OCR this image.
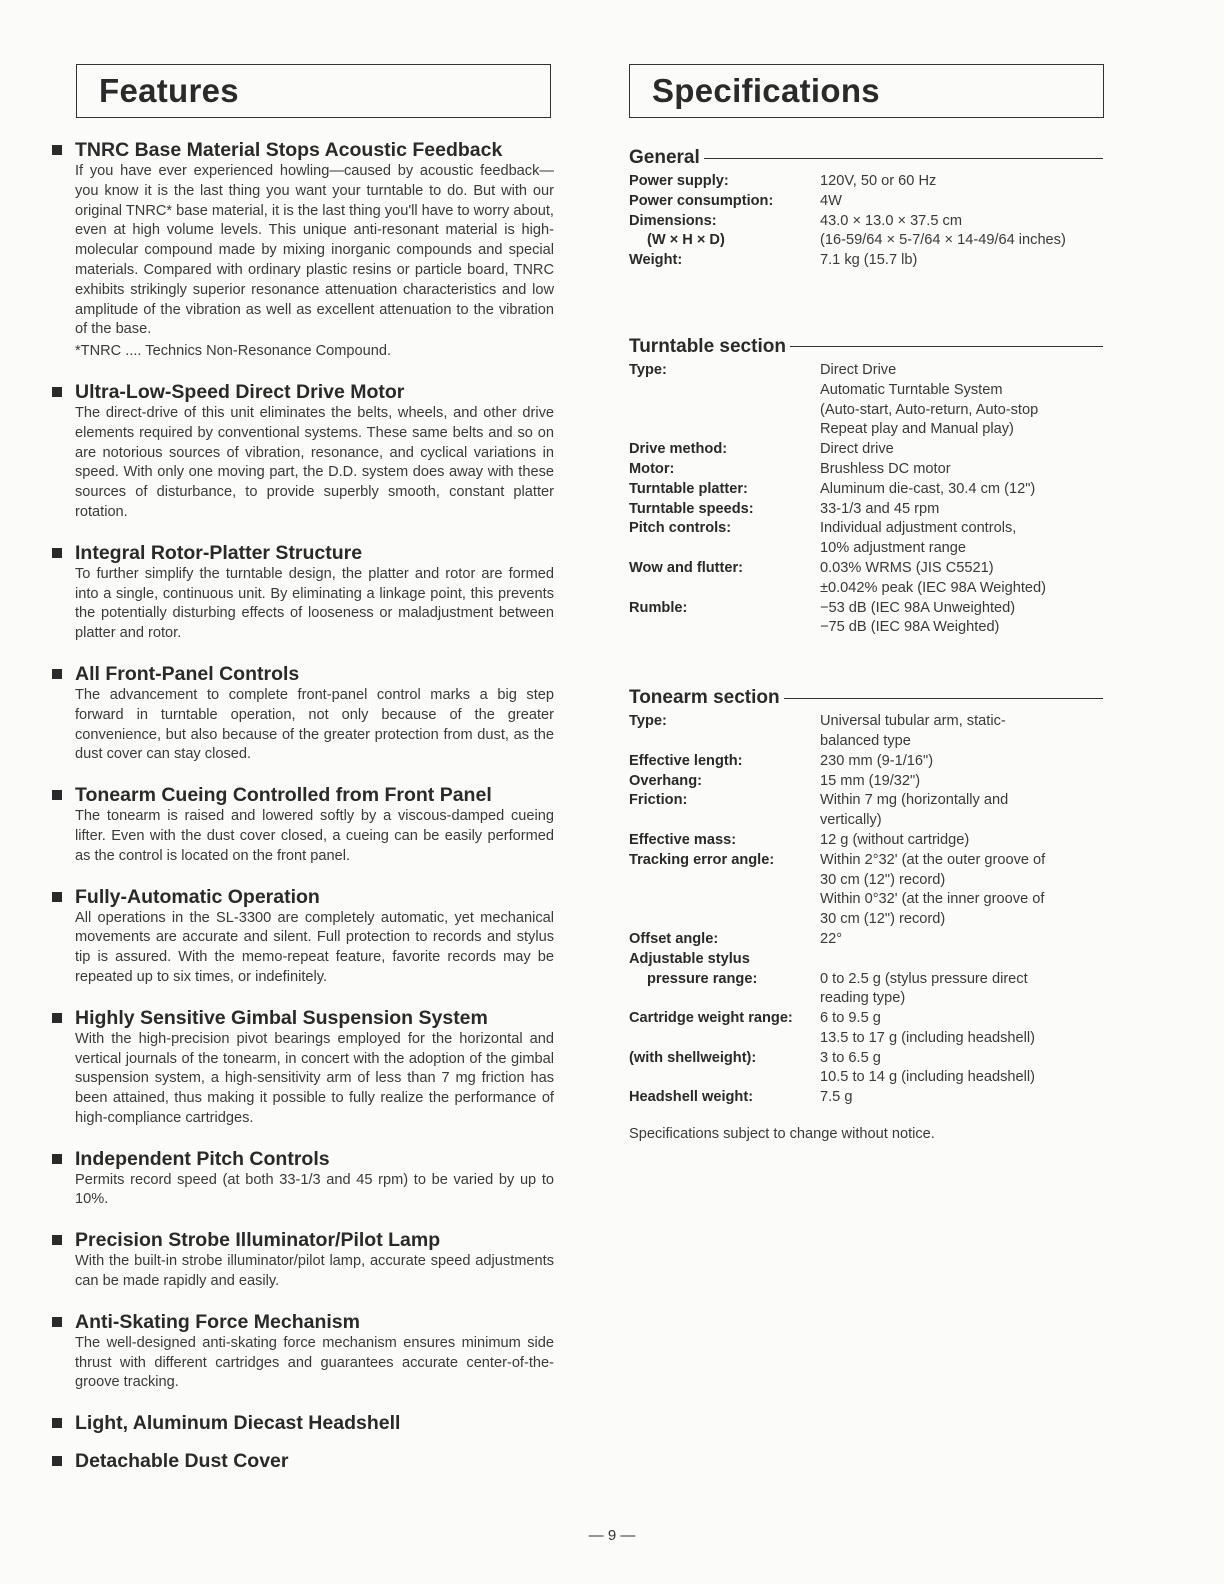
Features
TNRC Base Material Stops Acoustic Feedback

If you have ever experienced howling—caused by acoustic feedback—you know it is the last thing you want your turntable to do. But with our original TNRC* base material, it is the last thing you'll have to worry about, even at high volume levels. This unique anti-resonant material is high-molecular compound made by mixing inorganic compounds and special materials. Compared with ordinary plastic resins or particle board, TNRC exhibits strikingly superior resonance attenuation characteristics and low amplitude of the vibration as well as excellent attenuation to the vibration of the base.

*TNRC .... Technics Non-Resonance Compound.

Ultra-Low-Speed Direct Drive Motor

The direct-drive of this unit eliminates the belts, wheels, and other drive elements required by conventional systems. These same belts and so on are notorious sources of vibration, resonance, and cyclical variations in speed. With only one moving part, the D.D. system does away with these sources of disturbance, to provide superbly smooth, constant platter rotation.

Integral Rotor-Platter Structure

To further simplify the turntable design, the platter and rotor are formed into a single, continuous unit. By eliminating a linkage point, this prevents the potentially disturbing effects of looseness or maladjustment between platter and rotor.

All Front-Panel Controls

The advancement to complete front-panel control marks a big step forward in turntable operation, not only because of the greater convenience, but also because of the greater protection from dust, as the dust cover can stay closed.

Tonearm Cueing Controlled from Front Panel

The tonearm is raised and lowered softly by a viscous-damped cueing lifter. Even with the dust cover closed, a cueing can be easily performed as the control is located on the front panel.

Fully-Automatic Operation

All operations in the SL-3300 are completely automatic, yet mechanical movements are accurate and silent. Full protection to records and stylus tip is assured. With the memo-repeat feature, favorite records may be repeated up to six times, or indefinitely.

Highly Sensitive Gimbal Suspension System

With the high-precision pivot bearings employed for the horizontal and vertical journals of the tonearm, in concert with the adoption of the gimbal suspension system, a high-sensitivity arm of less than 7 mg friction has been attained, thus making it possible to fully realize the performance of high-compliance cartridges.

Independent Pitch Controls

Permits record speed (at both 33-1/3 and 45 rpm) to be varied by up to 10%.

Precision Strobe Illuminator/Pilot Lamp

With the built-in strobe illuminator/pilot lamp, accurate speed adjustments can be made rapidly and easily.

Anti-Skating Force Mechanism

The well-designed anti-skating force mechanism ensures minimum side thrust with different cartridges and guarantees accurate center-of-the-groove tracking.

Light, Aluminum Diecast Headshell
Detachable Dust Cover
Specifications
General
Power supply:	120V, 50 or 60 Hz
Power consumption:	4W
Dimensions:	43.0 × 13.0 × 37.5 cm
(W × H × D)	(16-59/64 × 5-7/64 × 14-49/64 inches)
Weight:	7.1 kg (15.7 lb)
Turntable section
Type:	Direct Drive
Automatic Turntable System
(Auto-start, Auto-return, Auto-stop
Repeat play and Manual play)
Drive method:	Direct drive
Motor:	Brushless DC motor
Turntable platter:	Aluminum die-cast, 30.4 cm (12")
Turntable speeds:	33-1/3 and 45 rpm
Pitch controls:	Individual adjustment controls,
10% adjustment range
Wow and flutter:	0.03% WRMS (JIS C5521)
±0.042% peak (IEC 98A Weighted)
Rumble:	−53 dB (IEC 98A Unweighted)
−75 dB (IEC 98A Weighted)
Tonearm section
Type:	Universal tubular arm, static-
balanced type
Effective length:	230 mm (9-1/16")
Overhang:	15 mm (19/32")
Friction:	Within 7 mg (horizontally and
vertically)
Effective mass:	12 g (without cartridge)
Tracking error angle:	Within 2°32' (at the outer groove of
30 cm (12") record)
Within 0°32' (at the inner groove of
30 cm (12") record)
Offset angle:	22°
Adjustable stylus
pressure range:	0 to 2.5 g (stylus pressure direct
reading type)
Cartridge weight range:	6 to 9.5 g
13.5 to 17 g (including headshell)
(with shellweight):	3 to 6.5 g
10.5 to 14 g (including headshell)
Headshell weight:	7.5 g
Specifications subject to change without notice.
— 9 —
